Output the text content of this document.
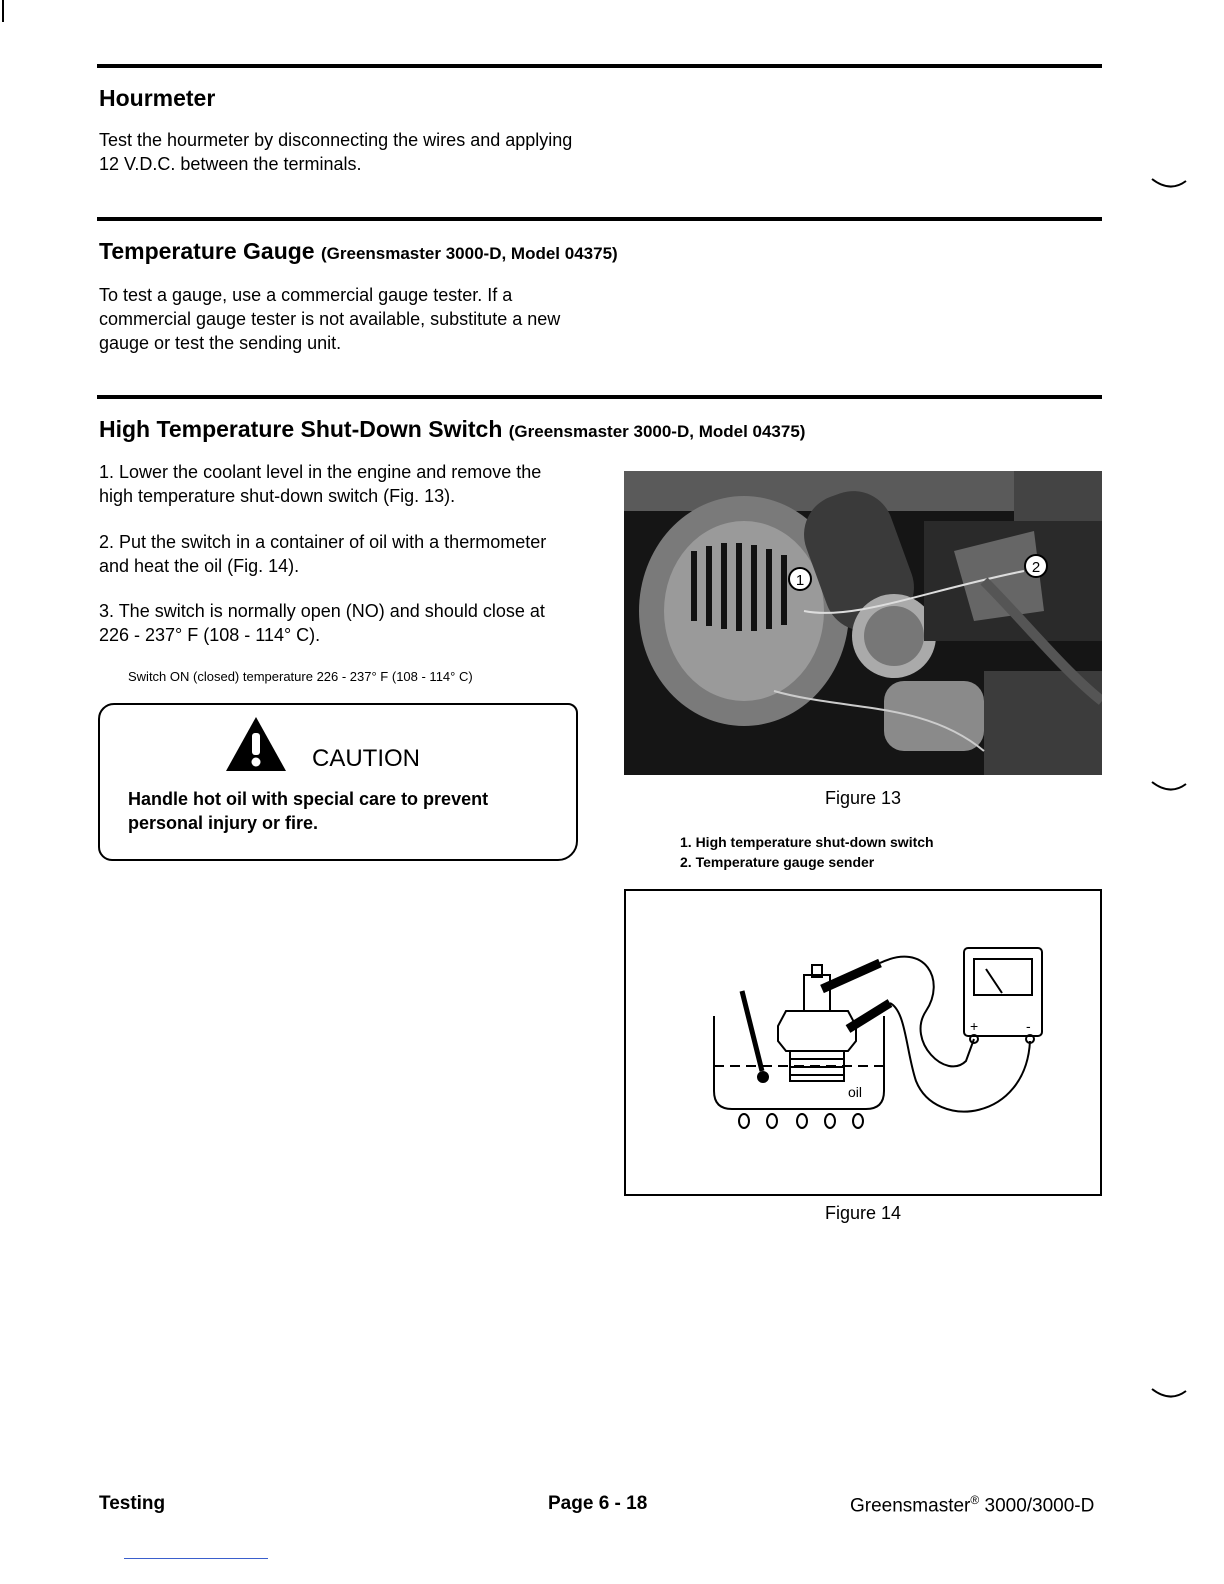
Hourmeter
Test the hourmeter by disconnecting the wires and applying 12 V.D.C. between the terminals.
Temperature Gauge (Greensmaster 3000-D, Model 04375)
To test a gauge, use a commercial gauge tester. If a commercial gauge tester is not available, substitute a new gauge or test the sending unit.
High Temperature Shut-Down Switch (Greensmaster 3000-D, Model 04375)
1. Lower the coolant level in the engine and remove the high temperature shut-down switch (Fig. 13).
2. Put the switch in a container of oil with a thermometer and heat the oil (Fig. 14).
3. The switch is normally open (NO) and should close at 226 - 237° F (108 - 114° C).
Switch ON (closed) temperature 226 - 237° F (108 - 114° C)
CAUTION
Handle hot oil with special care to prevent personal injury or fire.
1
2
Figure 13
1. High temperature shut-down switch
2. Temperature gauge sender
oil
+	-
Figure 14
Testing	Page 6 - 18	Greensmaster® 3000/3000-D
